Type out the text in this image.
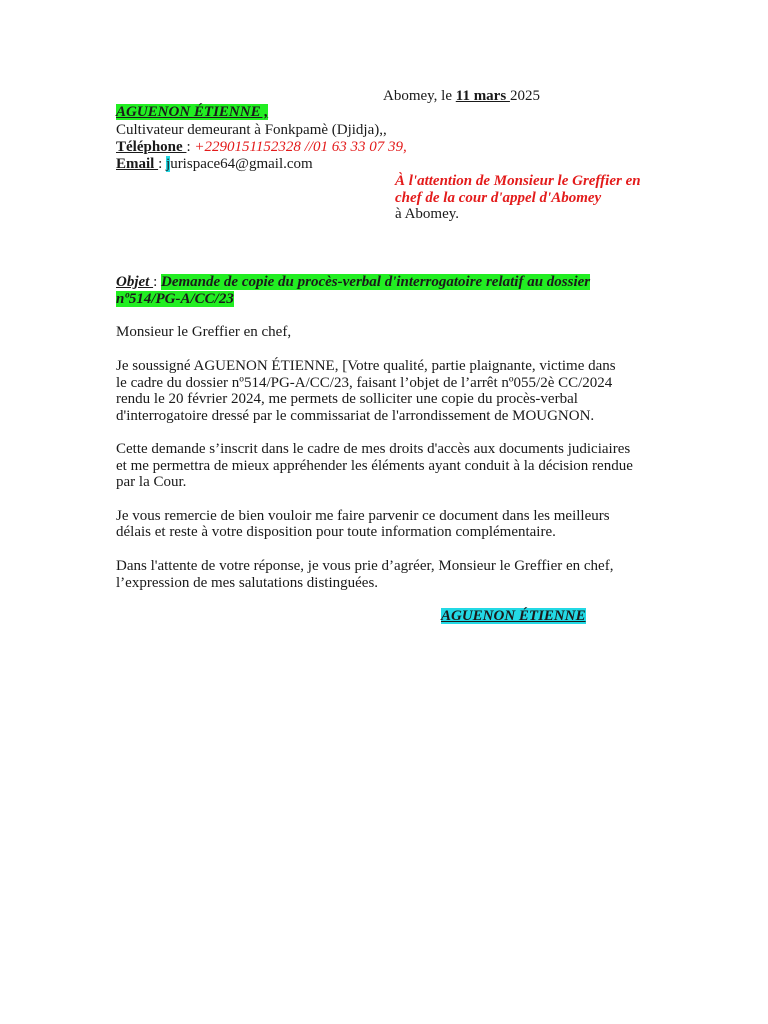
Abomey, le 11 mars 2025
AGUENON ÉTIENNE ,
Cultivateur demeurant à Fonkpamè (Djidja),,
Téléphone : +2290151152328 //01 63 33 07 39,
Email : jurispace64@gmail.com
À l'attention de Monsieur le Greffier en
chef de la cour d'appel d'Abomey
à Abomey.
Objet : Demande de copie du procès-verbal d'interrogatoire relatif au dossier
nº514/PG-A/CC/23
Monsieur le Greffier en chef,
Je soussigné AGUENON ÉTIENNE, [Votre qualité, partie plaignante, victime dans
le cadre du dossier nº514/PG-A/CC/23, faisant l’objet de l’arrêt nº055/2è CC/2024
rendu le 20 février 2024, me permets de solliciter une copie du procès-verbal
d'interrogatoire dressé par le commissariat de l'arrondissement de MOUGNON.
Cette demande s’inscrit dans le cadre de mes droits d'accès aux documents judiciaires
et me permettra de mieux appréhender les éléments ayant conduit à la décision rendue
par la Cour.
Je vous remercie de bien vouloir me faire parvenir ce document dans les meilleurs
délais et reste à votre disposition pour toute information complémentaire.
Dans l'attente de votre réponse, je vous prie d’agréer, Monsieur le Greffier en chef,
l’expression de mes salutations distinguées.
AGUENON ÉTIENNE
